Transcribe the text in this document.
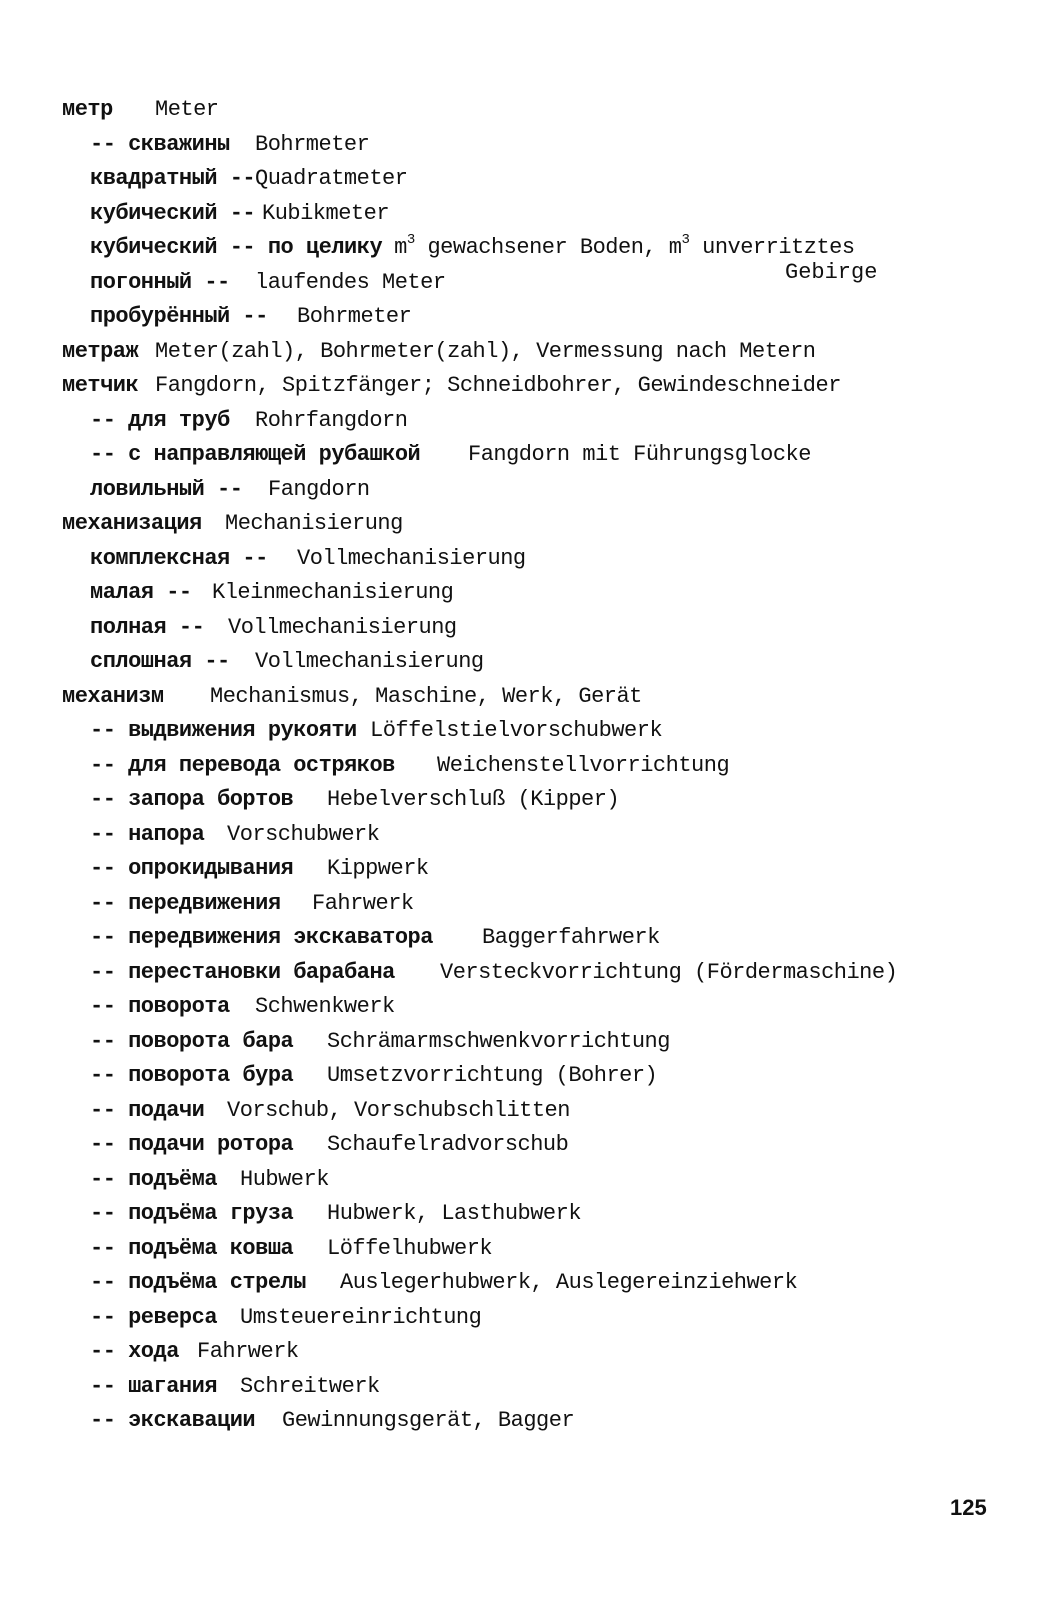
метр Meter
-- скважины Bohrmeter
квадратный -- Quadratmeter
кубический -- Kubikmeter
кубический -- по целику $m^3$ gewachsener Boden, $m^3$ unverritztes
погонный -- laufendes Meter
пробурённый -- Bohrmeter
метраж Meter(zahl), Bohrmeter(zahl), Vermessung nach Metern
метчик Fangdorn, Spitzfänger; Schneidbohrer, Gewindeschneider
-- для труб Rohrfangdorn
-- с направляющей рубашкой Fangdorn mit Führungsglocke
ловильный -- Fangdorn
механизация Mechanisierung
комплексная -- Vollmechanisierung
малая -- Kleinmechanisierung
полная -- Vollmechanisierung
сплошная -- Vollmechanisierung
механизм Mechanismus, Maschine, Werk, Gerät
-- выдвижения рукояти Löffelstielvorschubwerk
-- для перевода остряков Weichenstellvorrichtung
-- запора бортов Hebelverschluß (Kipper)
-- напора Vorschubwerk
-- опрокидывания Kippwerk
-- передвижения Fahrwerk
-- передвижения экскаватора Baggerfahrwerk
-- перестановки барабана Versteckvorrichtung (Fördermaschine)
-- поворота Schwenkwerk
-- поворота бара Schrämarmschwenkvorrichtung
-- поворота бура Umsetzvorrichtung (Bohrer)
-- подачи Vorschub, Vorschubschlitten
-- подачи ротора Schaufelradvorschub
-- подъёма Hubwerk
-- подъёма груза Hubwerk, Lasthubwerk
-- подъёма ковша Löffelhubwerk
-- подъёма стрелы Auslegerhubwerk, Auslegereinziehwerk
-- реверса Umsteuereinrichtung
-- хода Fahrwerk
-- шагания Schreitwerk
-- экскавации Gewinnungsgerät, Bagger
Gebirge
125
